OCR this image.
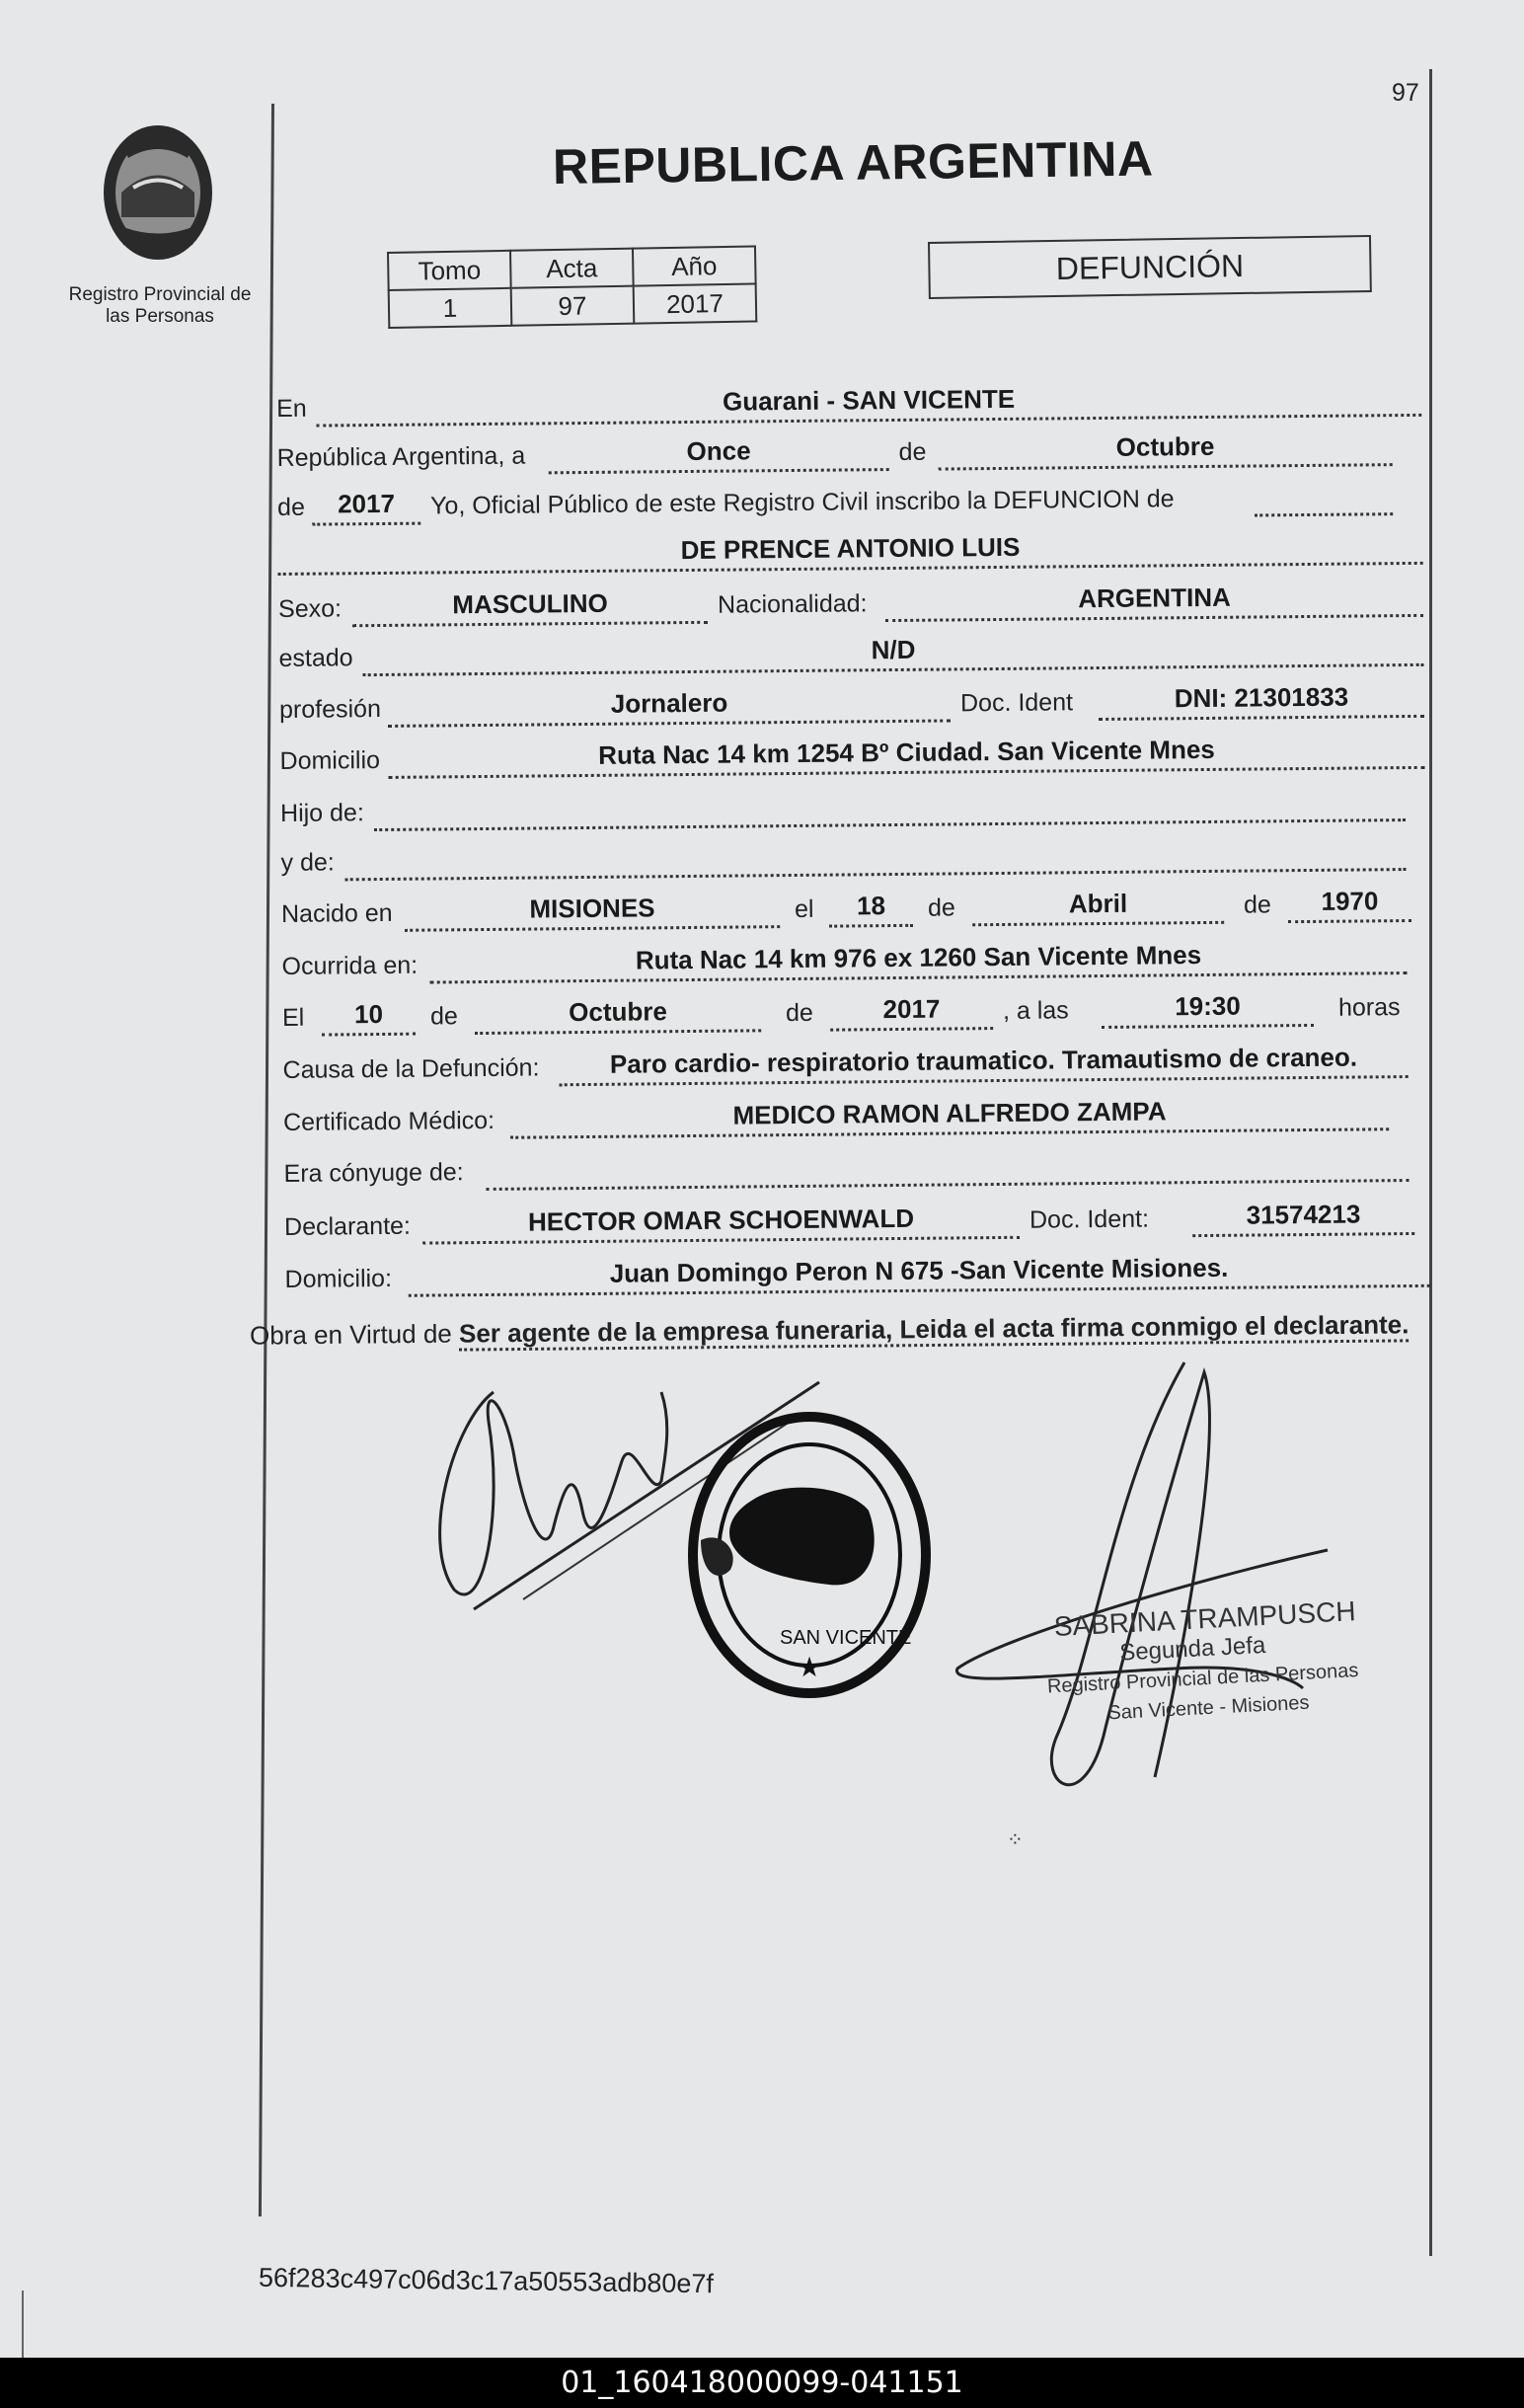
97
Registro Provincial de las Personas
REPUBLICA ARGENTINA
Tomo	Acta	Año
1	97	2017
DEFUNCIÓN
En	Guarani - SAN VICENTE
República Argentina, a	Once	de	Octubre
de	2017	Yo, Oficial Público de este Registro Civil inscribo la DEFUNCION de
DE PRENCE ANTONIO LUIS
Sexo:	MASCULINO	Nacionalidad:	ARGENTINA
estado	N/D
profesión	Jornalero	Doc. Ident	DNI: 21301833
Domicilio	Ruta Nac 14 km 1254 Bº Ciudad. San Vicente Mnes
Hijo de:
y de:
Nacido en	MISIONES	el	18	de	Abril	de	1970
Ocurrida en:	Ruta Nac 14 km 976 ex 1260 San Vicente Mnes
El	10	de	Octubre	de	2017	, a las	19:30	horas
Causa de la Defunción:	Paro cardio- respiratorio traumatico. Tramautismo de craneo.
Certificado Médico:	MEDICO RAMON ALFREDO ZAMPA
Era cónyuge de:
Declarante:	HECTOR OMAR SCHOENWALD	Doc. Ident:	31574213
Domicilio:	Juan Domingo Peron N 675 -San Vicente Misiones.
Obra en Virtud de Ser agente de la empresa funeraria, Leida el acta firma conmigo el declarante.
★
SAN VICENTE
⁘
SABRINA TRAMPUSCH
Segunda Jefa
Registro Provincial de las Personas
San Vicente - Misiones
56f283c497c06d3c17a50553adb80e7f
01_160418000099-041151
